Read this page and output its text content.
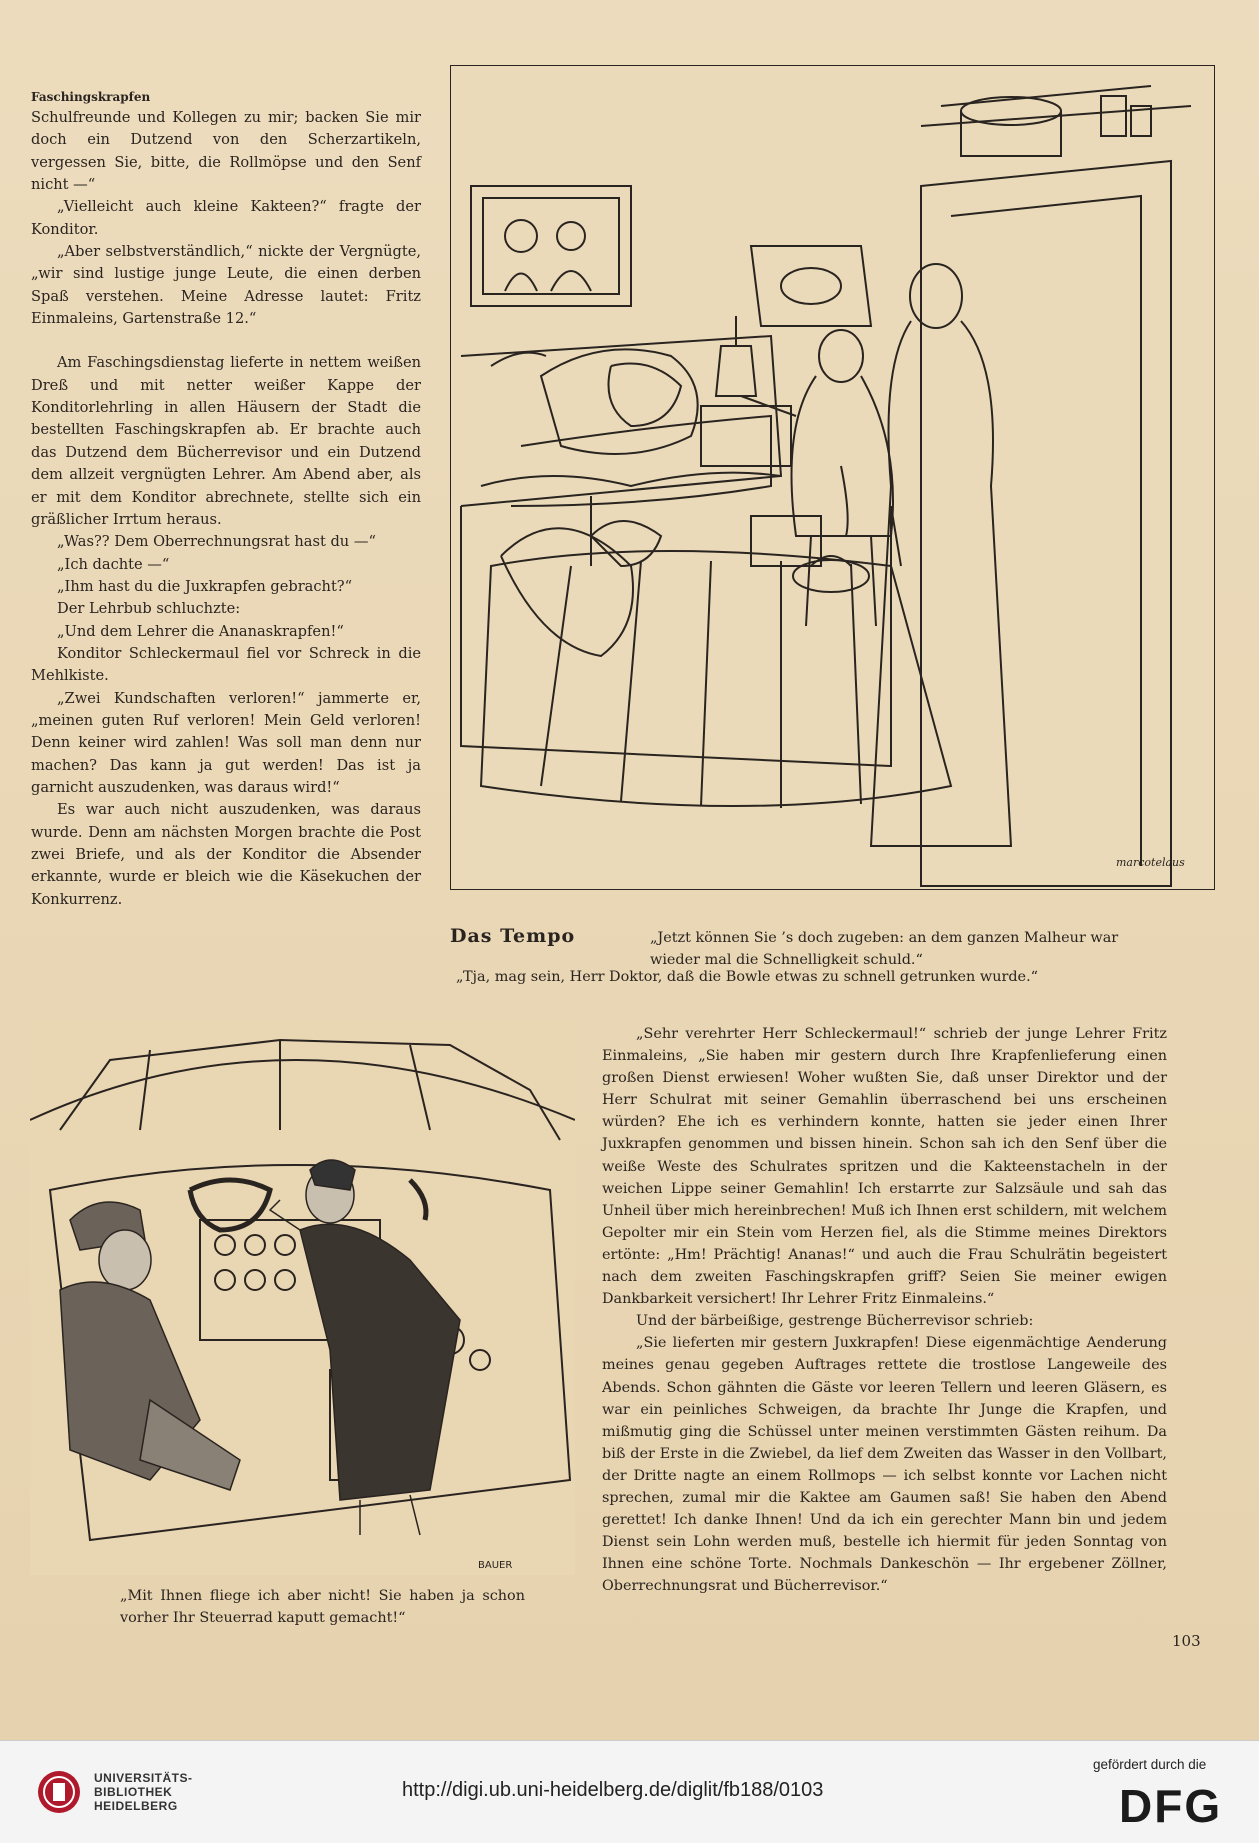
Faschingskrapfen

Schulfreunde und Kollegen zu mir; backen Sie mir doch ein Dutzend von den Scherzartikeln, vergessen Sie, bitte, die Rollmöpse und den Senf nicht —“

„Vielleicht auch kleine Kakteen?“ fragte der Konditor.

„Aber selbstverständlich,“ nickte der Vergnügte, „wir sind lustige junge Leute, die einen derben Spaß verstehen. Meine Adresse lautet: Fritz Einmaleins, Gartenstraße 12.“

Am Faschingsdienstag lieferte in nettem weißen Dreß und mit netter weißer Kappe der Konditorlehrling in allen Häusern der Stadt die bestellten Faschingskrapfen ab. Er brachte auch das Dutzend dem Bücherrevisor und ein Dutzend dem allzeit vergnügten Lehrer. Am Abend aber, als er mit dem Konditor abrechnete, stellte sich ein gräßlicher Irrtum heraus.

„Was?? Dem Oberrechnungsrat hast du —“

„Ich dachte —“

„Ihm hast du die Juxkrapfen gebracht?“

Der Lehrbub schluchzte:

„Und dem Lehrer die Ananaskrapfen!“

Konditor Schleckermaul fiel vor Schreck in die Mehlkiste.

„Zwei Kundschaften verloren!“ jammerte er, „meinen guten Ruf verloren! Mein Geld verloren! Denn keiner wird zahlen! Was soll man denn nur machen? Das kann ja gut werden! Das ist ja garnicht auszudenken, was daraus wird!“

Es war auch nicht auszudenken, was daraus wurde. Denn am nächsten Morgen brachte die Post zwei Briefe, und als der Konditor die Absender erkannte, wurde er bleich wie die Käsekuchen der Konkurrenz.

marcotelaus
Das Tempo	„Jetzt können Sie ’s doch zugeben: an dem ganzen Malheur war wieder mal die Schnelligkeit schuld.“
„Tja, mag sein, Herr Doktor, daß die Bowle etwas zu schnell getrunken wurde.“
BAUER

„Sehr verehrter Herr Schleckermaul!“ schrieb der junge Lehrer Fritz Einmaleins, „Sie haben mir gestern durch Ihre Krapfenlieferung einen großen Dienst erwiesen! Woher wußten Sie, daß unser Direktor und der Herr Schulrat mit seiner Gemahlin überraschend bei uns erscheinen würden? Ehe ich es verhindern konnte, hatten sie jeder einen Ihrer Juxkrapfen genommen und bissen hinein. Schon sah ich den Senf über die weiße Weste des Schulrates spritzen und die Kakteenstacheln in der weichen Lippe seiner Gemahlin! Ich erstarrte zur Salzsäule und sah das Unheil über mich hereinbrechen! Muß ich Ihnen erst schildern, mit welchem Gepolter mir ein Stein vom Herzen fiel, als die Stimme meines Direktors ertönte: „Hm! Prächtig! Ananas!“ und auch die Frau Schulrätin begeistert nach dem zweiten Faschingskrapfen griff? Seien Sie meiner ewigen Dankbarkeit versichert! Ihr Lehrer Fritz Einmaleins.“

Und der bärbeißige, gestrenge Bücherrevisor schrieb:

„Sie lieferten mir gestern Juxkrapfen! Diese eigenmächtige Aenderung meines genau gegeben Auftrages rettete die trostlose Langeweile des Abends. Schon gähnten die Gäste vor leeren Tellern und leeren Gläsern, es war ein peinliches Schweigen, da brachte Ihr Junge die Krapfen, und mißmutig ging die Schüssel unter meinen verstimmten Gästen reihum. Da biß der Erste in die Zwiebel, da lief dem Zweiten das Wasser in den Vollbart, der Dritte nagte an einem Rollmops — ich selbst konnte vor Lachen nicht sprechen, zumal mir die Kaktee am Gaumen saß! Sie haben den Abend gerettet! Ich danke Ihnen! Und da ich ein gerechter Mann bin und jedem Dienst sein Lohn werden muß, bestelle ich hiermit für jeden Sonntag von Ihnen eine schöne Torte. Nochmals Dankeschön — Ihr ergebener Zöllner, Oberrechnungsrat und Bücherrevisor.“

„Mit Ihnen fliege ich aber nicht! Sie haben ja schon vorher Ihr Steuerrad kaputt gemacht!“
103
UNIVERSITÄTS-
BIBLIOTHEK
HEIDELBERG
http://digi.ub.uni-heidelberg.de/diglit/fb188/0103
gefördert durch die
DFG
